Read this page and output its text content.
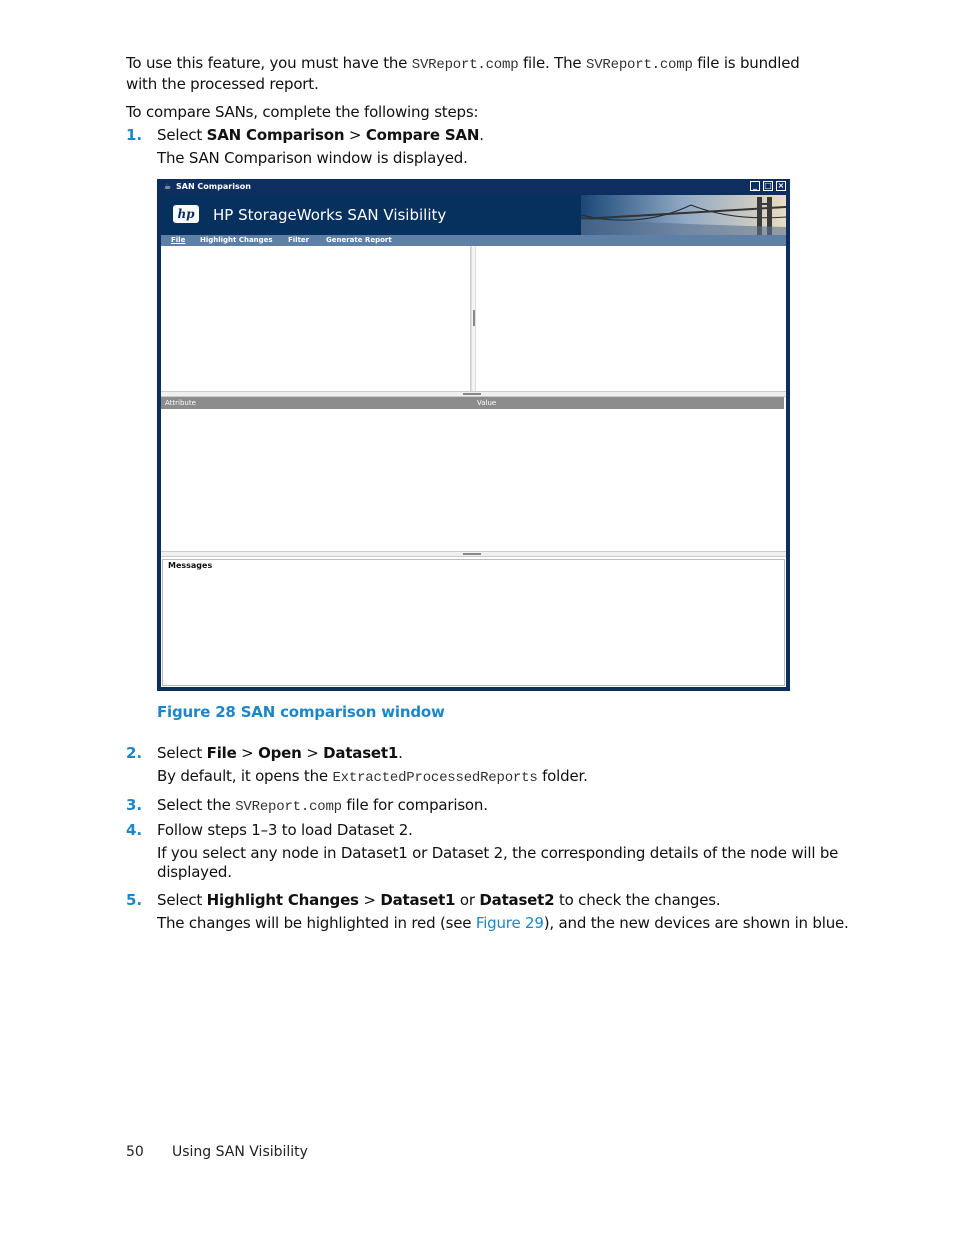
To use this feature, you must have the SVReport.comp file. The SVReport.comp file is bundled
with the processed report.
To compare SANs, complete the following steps:
1. Select SAN Comparison > Compare SAN.
The SAN Comparison window is displayed.
☕ SAN Comparison	_ □ ×
hp HP StorageWorks SAN Visibility
File Highlight Changes Filter Generate Report
Attribute	Value
Messages
Figure 28 SAN comparison window
2. Select File > Open > Dataset1.
By default, it opens the ExtractedProcessedReports folder.
3. Select the SVReport.comp file for comparison.
4. Follow steps 1–3 to load Dataset 2.
If you select any node in Dataset1 or Dataset 2, the corresponding details of the node will be
displayed.
5. Select Highlight Changes > Dataset1 or Dataset2 to check the changes.
The changes will be highlighted in red (see Figure 29), and the new devices are shown in blue.
50 Using SAN Visibility
